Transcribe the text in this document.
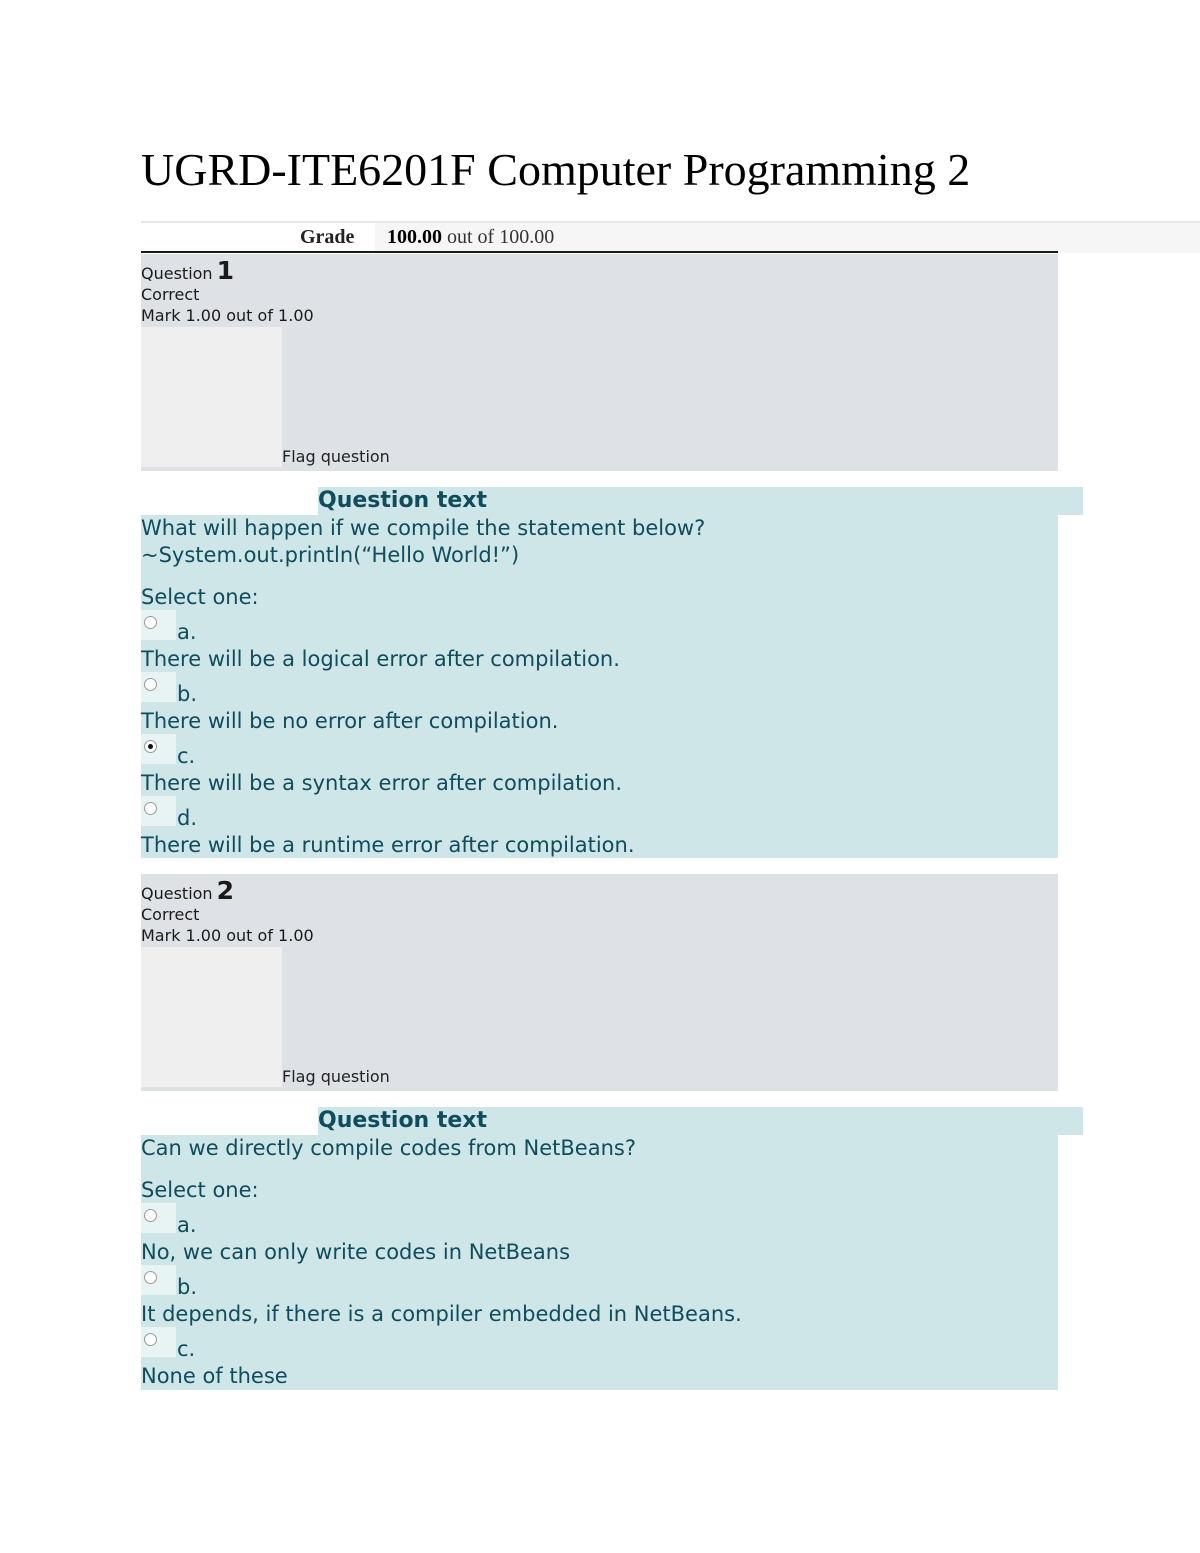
UGRD-ITE6201F Computer Programming 2
Grade 100.00 out of 100.00
Question 1
Correct
Mark 1.00 out of 1.00
Flag question
Question text
What will happen if we compile the statement below?
~System.out.println(“Hello World!”)
Select one:
a.
There will be a logical error after compilation.
b.
There will be no error after compilation.
c.
There will be a syntax error after compilation.
d.
There will be a runtime error after compilation.
Question 2
Correct
Mark 1.00 out of 1.00
Flag question
Question text
Can we directly compile codes from NetBeans?
Select one:
a.
No, we can only write codes in NetBeans
b.
It depends, if there is a compiler embedded in NetBeans.
c.
None of these
